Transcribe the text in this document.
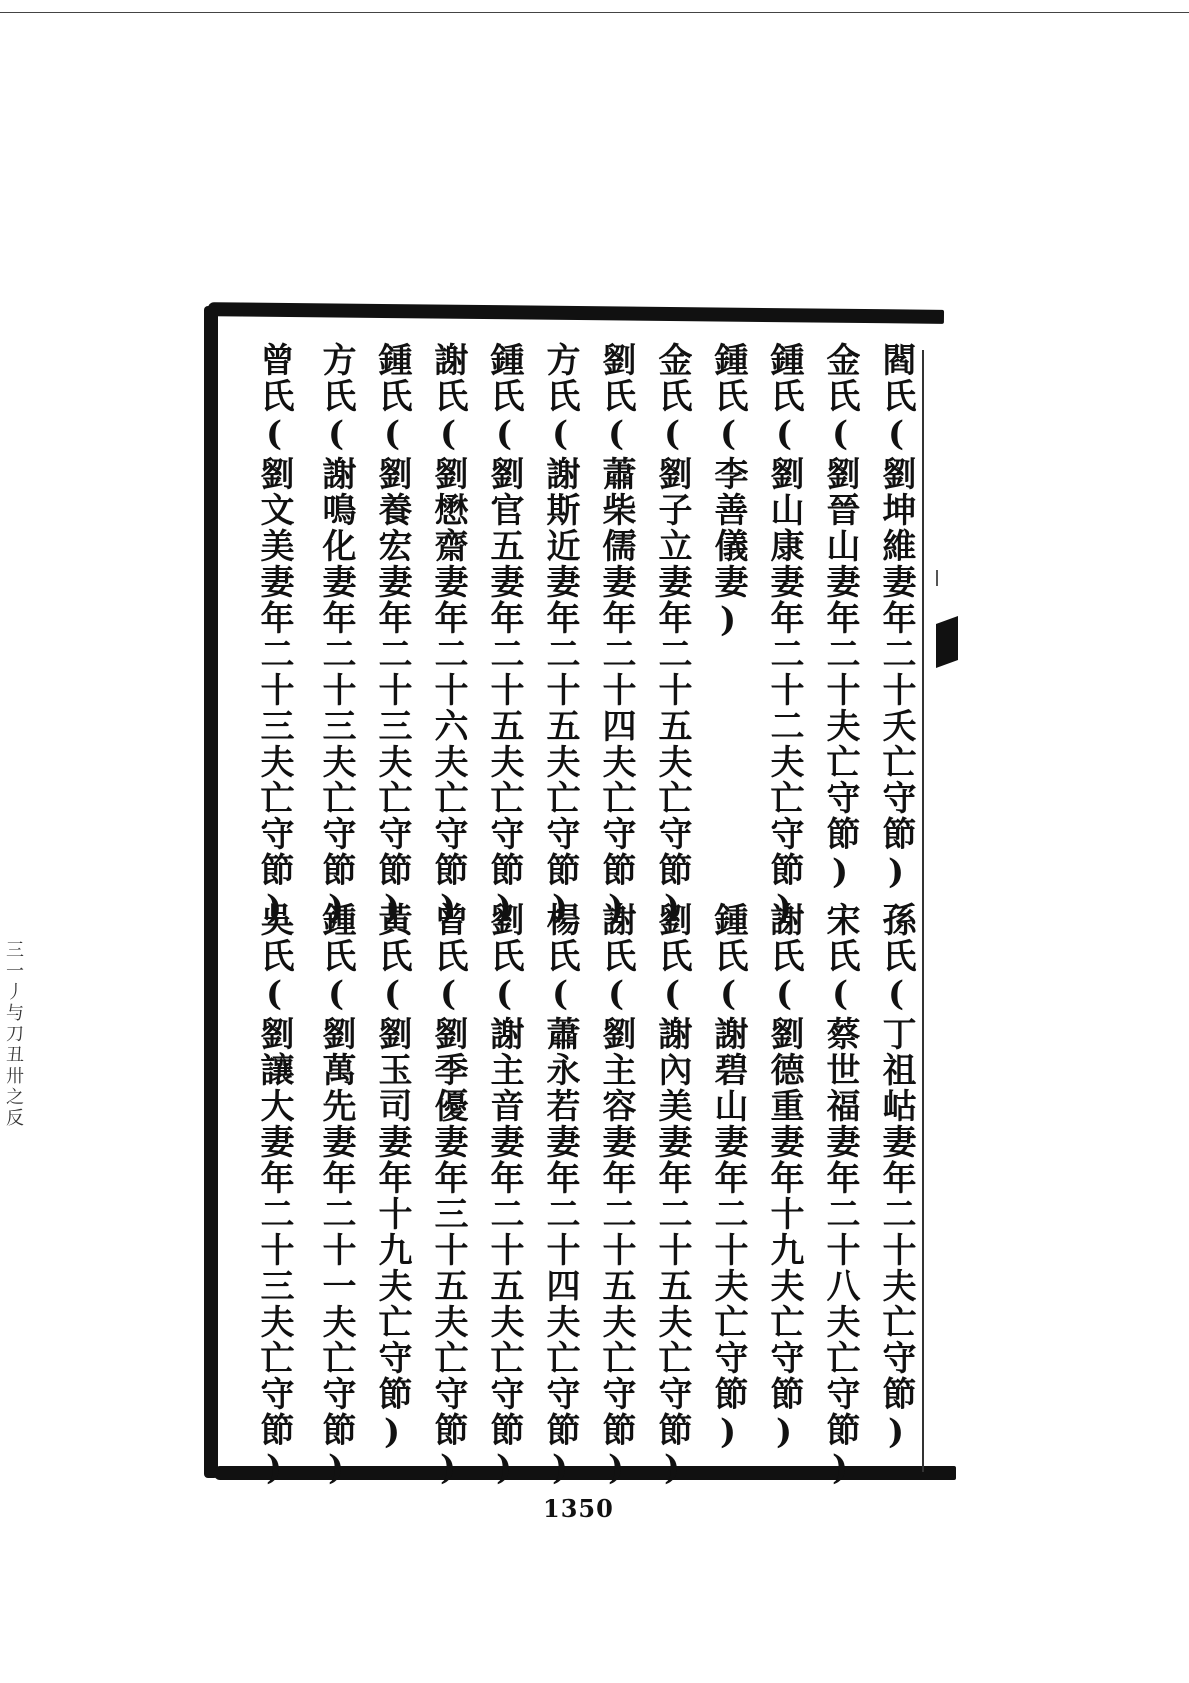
閻氏(劉坤維妻年二十夭亡守節)
金氏(劉晉山妻年二十夫亡守節)
鍾氏(劉山康妻年二十二夫亡守節)
鍾氏(李善儀妻)
金氏(劉子立妻年二十五夫亡守節)
劉氏(蕭柴儒妻年二十四夫亡守節)
方氏(謝斯近妻年二十五夫亡守節)
鍾氏(劉官五妻年二十五夫亡守節)
謝氏(劉懋齋妻年二十六夫亡守節)
鍾氏(劉養宏妻年二十三夫亡守節)
方氏(謝鳴化妻年二十三夫亡守節)
曾氏(劉文美妻年二十三夫亡守節)
孫氏(丁祖岵妻年二十夫亡守節)
宋氏(蔡世福妻年二十八夫亡守節)
謝氏(劉德重妻年十九夫亡守節)
鍾氏(謝碧山妻年二十夫亡守節)
劉氏(謝內美妻年二十五夫亡守節)
謝氏(劉主容妻年二十五夫亡守節)
楊氏(蕭永若妻年二十四夫亡守節)
劉氏(謝主音妻年二十五夫亡守節)
曾氏(劉季優妻年三十五夫亡守節)
黃氏(劉玉司妻年十九夫亡守節)
鍾氏(劉萬先妻年二十一夫亡守節)
吳氏(劉讓大妻年二十三夫亡守節)
1350
三一丿与刀丑卅之反
